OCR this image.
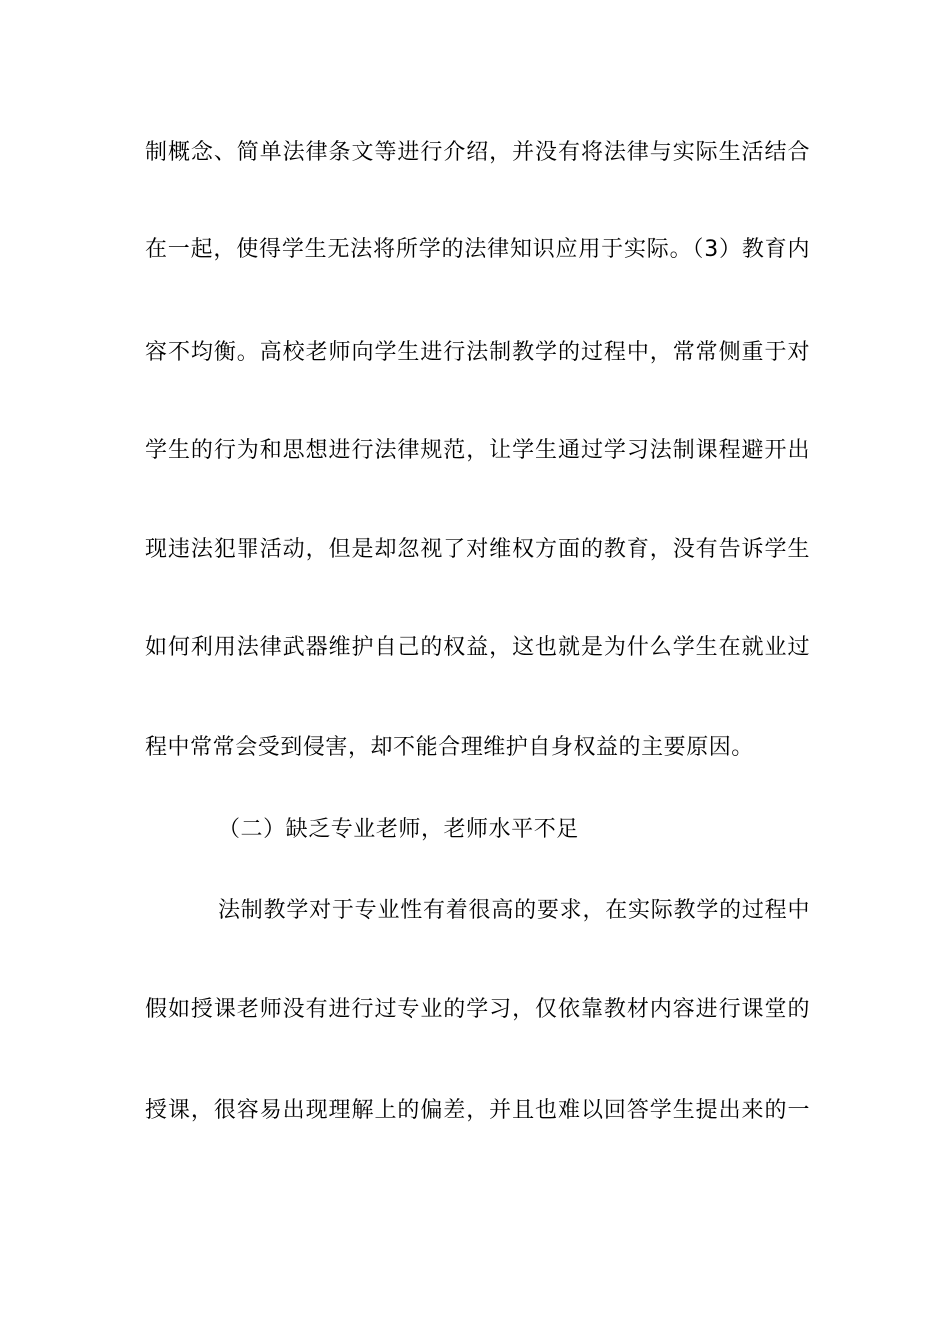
制概念、简单法律条文等进行介绍，并没有将法律与实际生活结合
在一起，使得学生无法将所学的法律知识应用于实际。（3）教育内
容不均衡。高校老师向学生进行法制教学的过程中，常常侧重于对
学生的行为和思想进行法律规范，让学生通过学习法制课程避开出
现违法犯罪活动，但是却忽视了对维权方面的教育，没有告诉学生
如何利用法律武器维护自己的权益，这也就是为什么学生在就业过
程中常常会受到侵害，却不能合理维护自身权益的主要原因。
（二）缺乏专业老师，老师水平不足
法制教学对于专业性有着很高的要求，在实际教学的过程中
假如授课老师没有进行过专业的学习，仅依靠教材内容进行课堂的
授课，很容易出现理解上的偏差，并且也难以回答学生提出来的一
